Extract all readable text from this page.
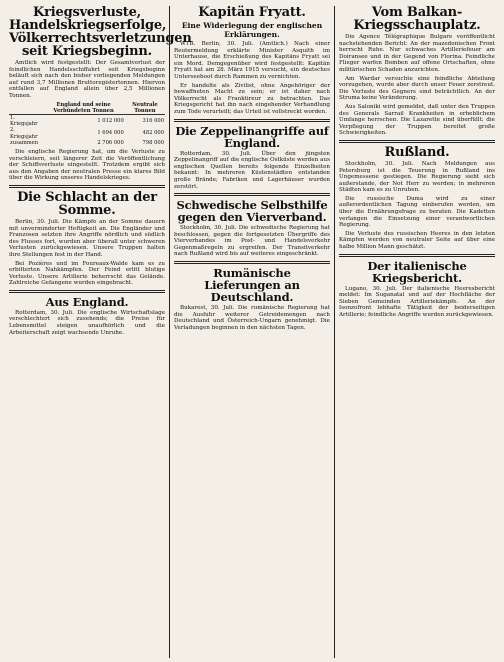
Kriegsverluste, Handelskriegserfolge, Völkerrechtsverletzungen seit Kriegsbeginn.

Amtlich wird festgestellt: Der Gesamtverlust der feindlichen Handelsschiffahrt seit Kriegsbeginn beläuft sich nach den bisher vorliegenden Meldungen auf rund 3,7 Millionen Bruttoregistertonnen. Hiervon entfallen auf England allein über 2,5 Millionen Tonnen.

	England und seine Verbündeten Tonnen	Neutrale Tonnen
1. Kriegsjahr	1 012 000	316 000
2. Kriegsjahr	1 694 000	482 000
zusammen	2 706 000	798 000

Die englische Regierung hat, um die Verluste zu verschleiern, seit längerer Zeit die Veröffentlichung der Schiffsverluste eingestellt. Trotzdem ergibt sich aus den Angaben der neutralen Presse ein klares Bild über die Wirkung unseres Handelskrieges.

Die Schlacht an der Somme.

Berlin, 30. Juli. Die Kämpfe an der Somme dauern mit unverminderter Heftigkeit an. Die Engländer und Franzosen setzten ihre Angriffe nördlich und südlich des Flusses fort, wurden aber überall unter schweren Verlusten zurückgewiesen. Unsere Truppen halten ihre Stellungen fest in der Hand.

Bei Pozières und im Foureaux-Walde kam es zu erbitterten Nahkämpfen. Der Feind erlitt blutige Verluste. Unsere Artillerie beherrscht das Gelände. Zahlreiche Gefangene wurden eingebracht.

Aus England.

Rotterdam, 30. Juli. Die englische Wirtschaftslage verschlechtert sich zusehends; die Preise für Lebensmittel steigen unaufhörlich und die Arbeiterschaft zeigt wachsende Unruhe.

Kapitän Fryatt.
Eine Widerlegung der englischen Erklärungen.

WTB. Berlin, 30. Juli. (Amtlich.) Nach einer Reutermeldung erklärte Minister Asquith im Unterhause, die Erschießung des Kapitäns Fryatt sei ein Mord. Demgegenüber wird festgestellt: Kapitän Fryatt hat am 28. März 1915 versucht, ein deutsches Unterseeboot durch Rammen zu vernichten.

Er handelte als Zivilist, ohne Angehöriger der bewaffneten Macht zu sein; er ist daher nach Völkerrecht als Franktireur zu betrachten. Das Kriegsgericht hat ihn nach eingehender Verhandlung zum Tode verurteilt; das Urteil ist vollstreckt worden.

Die Zeppelinangriffe auf England.

Rotterdam, 30. Juli. Über den jüngsten Zeppelinangriff auf die englische Ostküste werden aus englischen Quellen bereits folgende Einzelheiten bekannt: In mehreren Küstenstädten entstanden große Brände; Fabriken und Lagerhäuser wurden zerstört.

Schwedische Selbsthilfe gegen den Vierverband.

Stockholm, 30. Juli. Die schwedische Regierung hat beschlossen, gegen die fortgesetzten Übergriffe des Vierverbandes im Post- und Handelsverkehr Gegenmaßregeln zu ergreifen. Der Transitverkehr nach Rußland wird bis auf weiteres eingeschränkt.

Rumänische Lieferungen an Deutschland.

Bukarest, 30. Juli. Die rumänische Regierung hat die Ausfuhr weiterer Getreidemengen nach Deutschland und Österreich-Ungarn genehmigt. Die Verladungen beginnen in den nächsten Tagen.

Vom Balkan-Kriegsschauplatz.

Die Agence Télégraphique Bulgare veröffentlicht nachstehenden Bericht: An der mazedonischen Front herrscht Ruhe. Nur schwaches Artilleriefeuer am Doiransee und in der Gegend von Florina. Feindliche Flieger warfen Bomben auf offene Ortschaften, ohne militärischen Schaden anzurichten.

Am Wardar versuchte eine feindliche Abteilung vorzugehen, wurde aber durch unser Feuer zerstreut. Die Verluste des Gegners sind beträchtlich. An der Struma keine Veränderung.

Aus Saloniki wird gemeldet, daß unter den Truppen des Generals Sarrail Krankheiten in erheblichem Umfange herrschen. Die Lazarette sind überfüllt; die Verpflegung der Truppen bereitet große Schwierigkeiten.

Rußland.

Stockholm, 30. Juli. Nach Meldungen aus Petersburg ist die Teuerung in Rußland ins Ungemessene gestiegen. Die Regierung sieht sich außerstande, der Not Herr zu werden; in mehreren Städten kam es zu Unruhen.

Die russische Duma wird zu einer außerordentlichen Tagung einberufen werden, um über die Ernährungsfrage zu beraten. Die Kadetten verlangen die Einsetzung einer verantwortlichen Regierung.

Die Verluste des russischen Heeres in den letzten Kämpfen werden von neutraler Seite auf über eine halbe Million Mann geschätzt.

Der italienische Kriegsbericht.

Lugano, 30. Juli. Der italienische Heeresbericht meldet: Im Suganatal und auf der Hochfläche der Sieben Gemeinden Artilleriekämpfe. An der Isonzofront lebhafte Tätigkeit der beiderseitigen Artillerie; feindliche Angriffe wurden zurückgewiesen.
